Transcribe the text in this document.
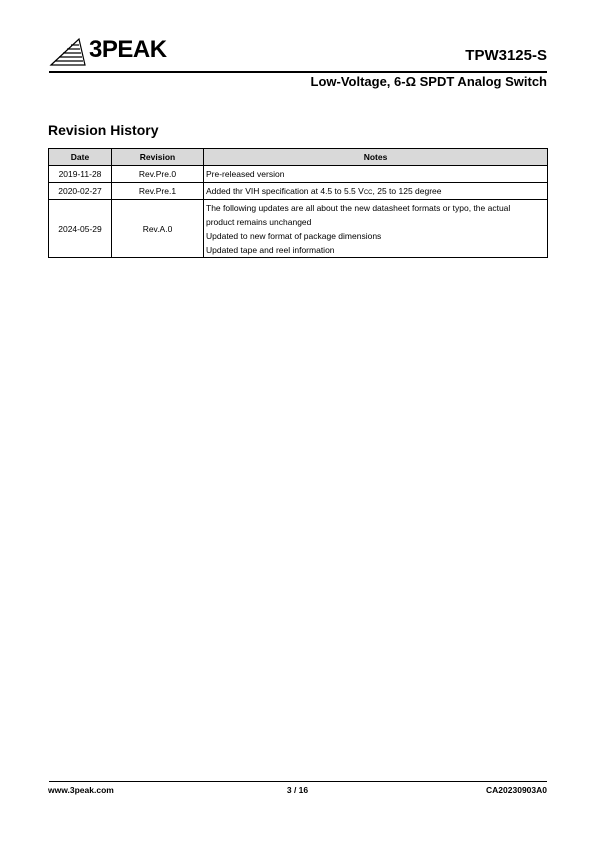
3PEAK	TPW3125-S
Low-Voltage, 6-Ω SPDT Analog Switch
Revision History
Date	Revision	Notes
2019-11-28	Rev.Pre.0	Pre-released version

2020-02-27	Rev.Pre.1	Added thr VIH specification at 4.5 to 5.5 VCC, 25 to 125 degree
2024-05-29	Rev.A.0	The following updates are all about the new datasheet formats or typo, the actual
product remains unchanged
Updated to new format of package dimensions
Updated tape and reel information
www.3peak.com	3 / 16	CA20230903A0
